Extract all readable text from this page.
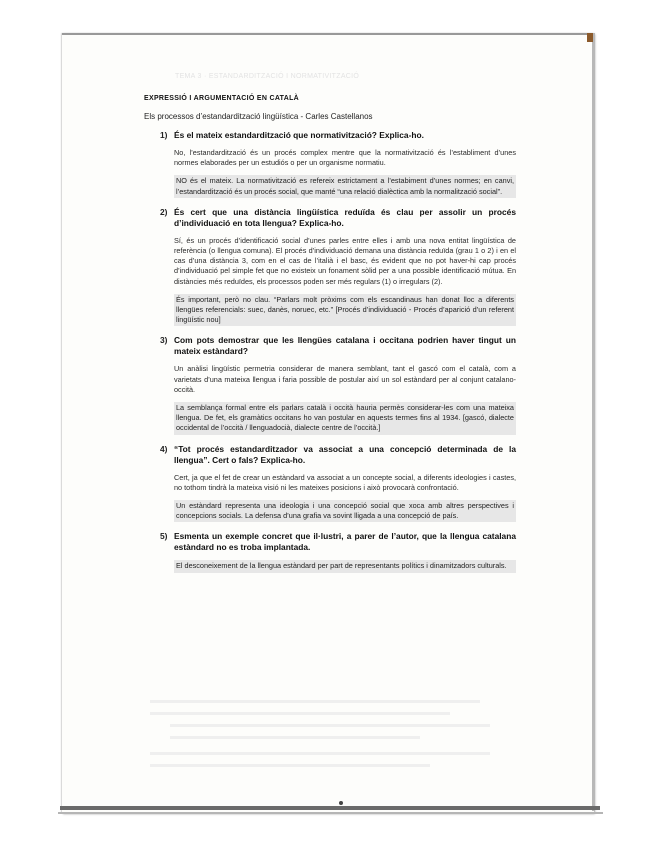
TEMA 3 · ESTANDARDITZACIÓ I NORMATIVITZACIÓ
EXPRESSIÓ I ARGUMENTACIÓ EN CATALÀ
Els processos d’estandardització lingüística - Carles Castellanos
1) És el mateix estandardització que normativització? Explica-ho.
No, l’estandardització és un procés complex mentre que la normativització és l’establiment d’unes normes elaborades per un estudiós o per un organisme normatiu.
NO és el mateix. La normativització es refereix estrictament a l’estabiment d’unes normes; en canvi, l’estandardització és un procés social, que manté “una relació dialèctica amb la normalització social”.
2) És cert que una distància lingüística reduïda és clau per assolir un procés d’individuació en tota llengua? Explica-ho.
Sí, és un procés d’identificació social d’unes parles entre elles i amb una nova entitat lingüística de referència (o llengua comuna). El procés d’individuació demana una distància reduïda (grau 1 o 2) i en el cas d’una distància 3, com en el cas de l’italià i el basc, és evident que no pot haver-hi cap procés d’individuació pel simple fet que no existeix un fonament sòlid per a una possible identificació mútua. En distàncies més reduïdes, els processos poden ser més regulars (1) o irregulars (2).
És important, però no clau. “Parlars molt pròxims com els escandinaus han donat lloc a diferents llengües referencials: suec, danès, noruec, etc.” [Procés d’individuació - Procés d’aparició d’un referent lingüístic nou]
3) Com pots demostrar que les llengües catalana i occitana podrien haver tingut un mateix estàndard?
Un anàlisi lingüístic permetria considerar de manera semblant, tant el gascó com el català, com a varietats d’una mateixa llengua i faria possible de postular així un sol estàndard per al conjunt catalano-occità.
La semblança formal entre els parlars català i occità hauria permès considerar-les com una mateixa llengua. De fet, els gramàtics occitans ho van postular en aquests termes fins al 1934. [gascó, dialecte occidental de l’occità / llenguadocià, dialecte centre de l’occità.]
4) “Tot procés estandarditzador va associat a una concepció determinada de la llengua”. Cert o fals? Explica-ho.
Cert, ja que el fet de crear un estàndard va associat a un concepte social, a diferents ideologies i castes, no tothom tindrà la mateixa visió ni les mateixes posicions i això provocarà confrontació.
Un estàndard representa una ideologia i una concepció social que xoca amb altres perspectives i concepcions socials. La defensa d’una grafia va sovint lligada a una concepció de país.
5) Esmenta un exemple concret que il·lustri, a parer de l’autor, que la llengua catalana estàndard no es troba implantada.
El desconeixement de la llengua estàndard per part de representants polítics i dinamitzadors culturals.
